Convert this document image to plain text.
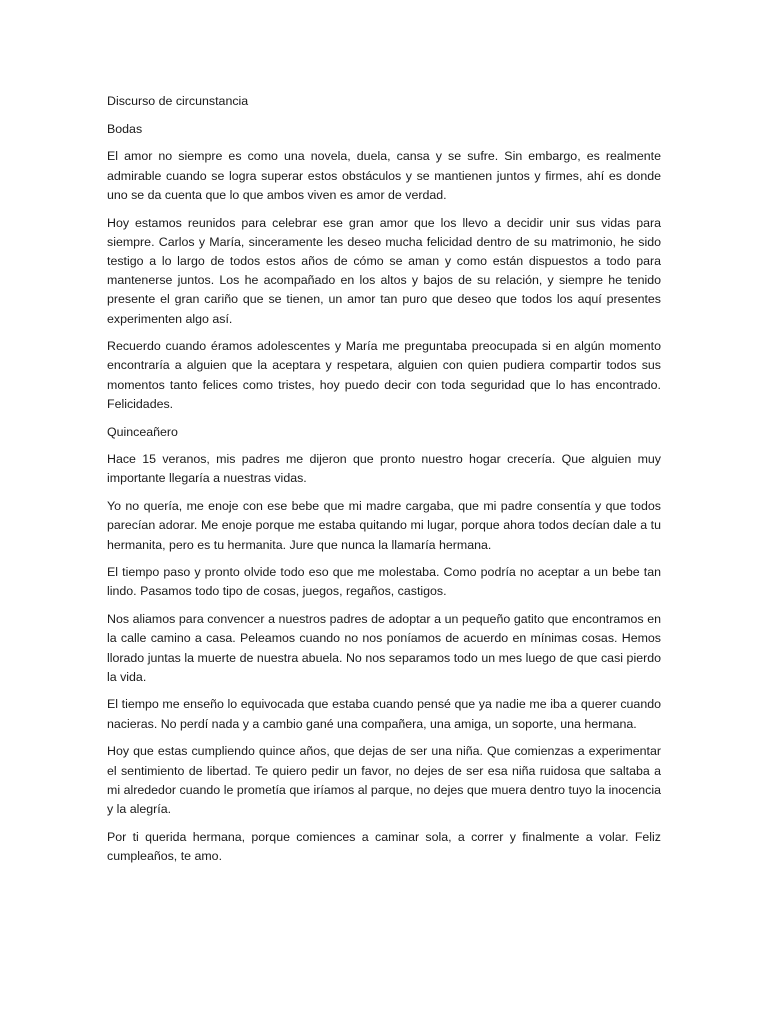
Discurso de circunstancia

Bodas

El amor no siempre es como una novela, duela, cansa y se sufre. Sin embargo, es realmente admirable cuando se logra superar estos obstáculos y se mantienen juntos y firmes, ahí es donde uno se da cuenta que lo que ambos viven es amor de verdad.

Hoy estamos reunidos para celebrar ese gran amor que los llevo a decidir unir sus vidas para siempre. Carlos y María, sinceramente les deseo mucha felicidad dentro de su matrimonio, he sido testigo a lo largo de todos estos años de cómo se aman y como están dispuestos a todo para mantenerse juntos. Los he acompañado en los altos y bajos de su relación, y siempre he tenido presente el gran cariño que se tienen, un amor tan puro que deseo que todos los aquí presentes experimenten algo así.

Recuerdo cuando éramos adolescentes y María me preguntaba preocupada si en algún momento encontraría a alguien que la aceptara y respetara, alguien con quien pudiera compartir todos sus momentos tanto felices como tristes, hoy puedo decir con toda seguridad que lo has encontrado. Felicidades.

Quinceañero

Hace 15 veranos, mis padres me dijeron que pronto nuestro hogar crecería. Que alguien muy importante llegaría a nuestras vidas.

Yo no quería, me enoje con ese bebe que mi madre cargaba, que mi padre consentía y que todos parecían adorar. Me enoje porque me estaba quitando mi lugar, porque ahora todos decían dale a tu hermanita, pero es tu hermanita. Jure que nunca la llamaría hermana.

El tiempo paso y pronto olvide todo eso que me molestaba. Como podría no aceptar a un bebe tan lindo. Pasamos todo tipo de cosas, juegos, regaños, castigos.

Nos aliamos para convencer a nuestros padres de adoptar a un pequeño gatito que encontramos en la calle camino a casa. Peleamos cuando no nos poníamos de acuerdo en mínimas cosas. Hemos llorado juntas la muerte de nuestra abuela. No nos separamos todo un mes luego de que casi pierdo la vida.

El tiempo me enseño lo equivocada que estaba cuando pensé que ya nadie me iba a querer cuando nacieras. No perdí nada y a cambio gané una compañera, una amiga, un soporte, una hermana.

Hoy que estas cumpliendo quince años, que dejas de ser una niña. Que comienzas a experimentar el sentimiento de libertad. Te quiero pedir un favor, no dejes de ser esa niña ruidosa que saltaba a mi alrededor cuando le prometía que iríamos al parque, no dejes que muera dentro tuyo la inocencia y la alegría.

Por ti querida hermana, porque comiences a caminar sola, a correr y finalmente a volar. Feliz cumpleaños, te amo.
